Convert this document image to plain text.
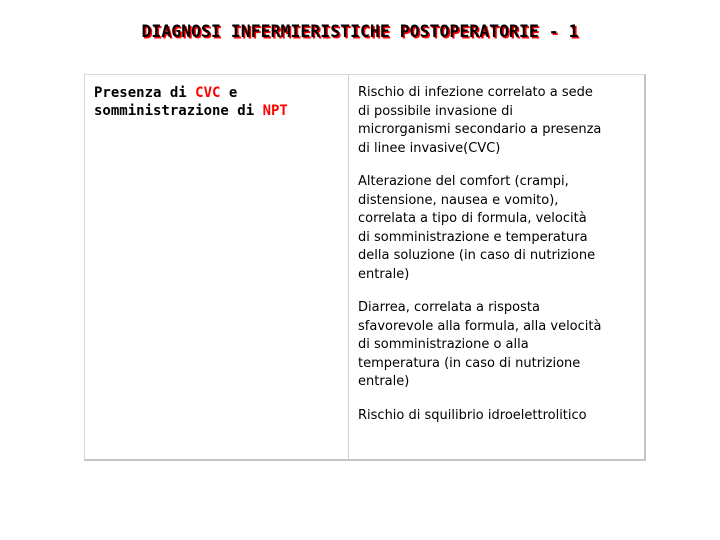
DIAGNOSI INFERMIERISTICHE POSTOPERATORIE - 1
Presenza di CVC e
somministrazione di NPT
Rischio di infezione correlato a sede
di possibile invasione di
microrganismi secondario a presenza
di linee invasive(CVC)
Alterazione del comfort (crampi,
distensione, nausea e vomito),
correlata a tipo di formula, velocità
di somministrazione e temperatura
della soluzione (in caso di nutrizione
entrale)
Diarrea, correlata a risposta
sfavorevole alla formula, alla velocità
di somministrazione o alla
temperatura (in caso di nutrizione
entrale)
Rischio di squilibrio idroelettrolitico
